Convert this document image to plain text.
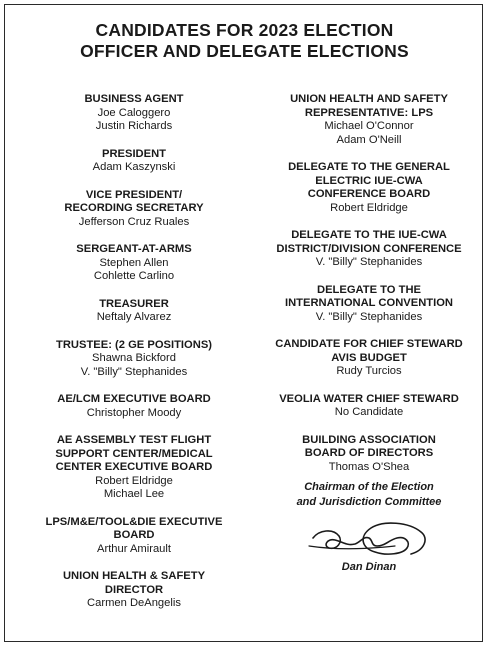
CANDIDATES FOR 2023 ELECTION
OFFICER AND DELEGATE ELECTIONS
BUSINESS AGENT
Joe Caloggero
Justin Richards
PRESIDENT
Adam Kaszynski
VICE PRESIDENT/
RECORDING SECRETARY
Jefferson Cruz Ruales
SERGEANT-AT-ARMS
Stephen Allen
Cohlette Carlino
TREASURER
Neftaly Alvarez
TRUSTEE: (2 GE POSITIONS)
Shawna Bickford
V. "Billy" Stephanides
AE/LCM EXECUTIVE BOARD
Christopher Moody
AE ASSEMBLY TEST FLIGHT
SUPPORT CENTER/MEDICAL
CENTER EXECUTIVE BOARD
Robert Eldridge
Michael Lee
LPS/M&E/TOOL&DIE EXECUTIVE
BOARD
Arthur Amirault
UNION HEALTH & SAFETY
DIRECTOR
Carmen DeAngelis
UNION HEALTH AND SAFETY
REPRESENTATIVE: LPS
Michael O'Connor
Adam O'Neill
DELEGATE TO THE GENERAL
ELECTRIC IUE-CWA
CONFERENCE BOARD
Robert Eldridge
DELEGATE TO THE IUE-CWA
DISTRICT/DIVISION CONFERENCE
V. "Billy" Stephanides
DELEGATE TO THE
INTERNATIONAL CONVENTION
V. "Billy" Stephanides
CANDIDATE FOR CHIEF STEWARD
AVIS BUDGET
Rudy Turcios
VEOLIA WATER CHIEF STEWARD
No Candidate
BUILDING ASSOCIATION
BOARD OF DIRECTORS
Thomas O'Shea
Chairman of the Election
and Jurisdiction Committee
Dan Dinan
